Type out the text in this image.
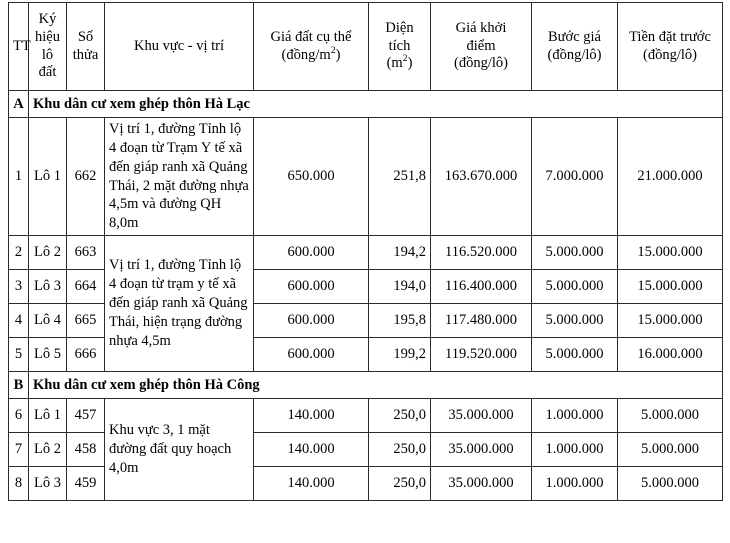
TT	Ký
hiệu
lô
đất	Số
thửa	Khu vực - vị trí	Giá đất cụ thể
$(đồng/m^2)$	Diện
tích
$(m^2)$	Giá khởi
điểm
(đồng/lô)	Bước giá
(đồng/lô)	Tiền đặt trước
(đồng/lô)

A	Khu dân cư xem ghép thôn Hà Lạc							
1	Lô 1	662	Vị trí 1, đường Tỉnh lộ 4 đoạn từ Trạm Y tế xã đến giáp ranh xã Quảng Thái, 2 mặt đường nhựa 4,5m và đường QH 8,0m	650.000	251,8	163.670.000	7.000.000	21.000.000
2	Lô 2	663	Vị trí 1, đường Tỉnh lộ 4 đoạn từ trạm y tế xã đến giáp ranh xã Quảng Thái, hiện trạng đường nhựa 4,5m	600.000	194,2	116.520.000	5.000.000	15.000.000
3	Lô 3	664		600.000	194,0	116.400.000	5.000.000	15.000.000
4	Lô 4	665		600.000	195,8	117.480.000	5.000.000	15.000.000
5	Lô 5	666		600.000	199,2	119.520.000	5.000.000	16.000.000
B	Khu dân cư xem ghép thôn Hà Công							
6	Lô 1	457	Khu vực 3, 1 mặt đường đất quy hoạch 4,0m	140.000	250,0	35.000.000	1.000.000	5.000.000
7	Lô 2	458		140.000	250,0	35.000.000	1.000.000	5.000.000
8	Lô 3	459		140.000	250,0	35.000.000	1.000.000	5.000.000
